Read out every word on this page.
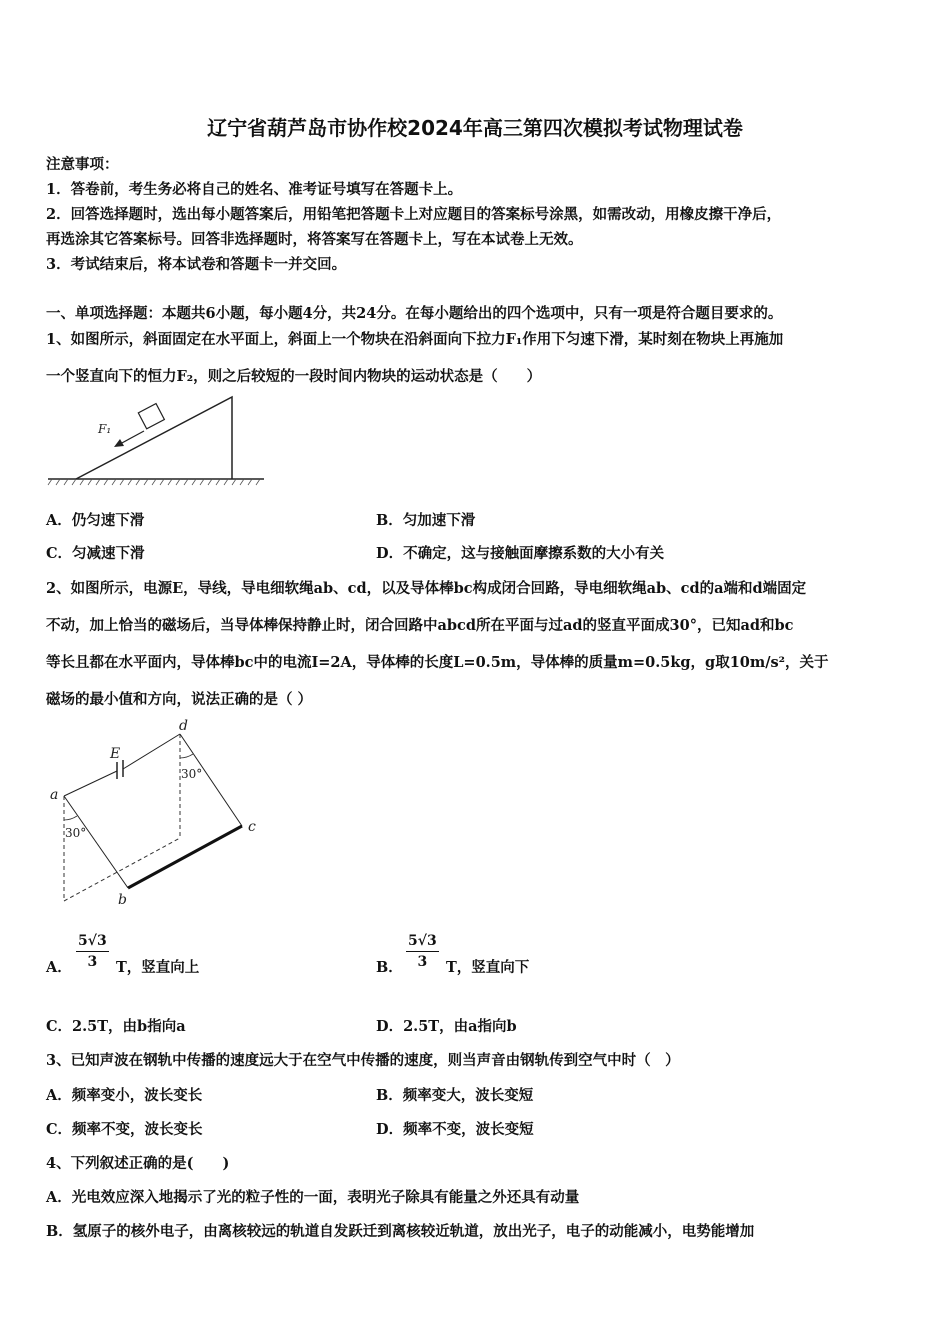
辽宁省葫芦岛市协作校2024年高三第四次模拟考试物理试卷
注意事项：
1．答卷前，考生务必将自己的姓名、准考证号填写在答题卡上。
2．回答选择题时，选出每小题答案后，用铅笔把答题卡上对应题目的答案标号涂黑，如需改动，用橡皮擦干净后，
再选涂其它答案标号。回答非选择题时，将答案写在答题卡上，写在本试卷上无效。
3．考试结束后，将本试卷和答题卡一并交回。
一、单项选择题：本题共6小题，每小题4分，共24分。在每小题给出的四个选项中，只有一项是符合题目要求的。
1、如图所示，斜面固定在水平面上，斜面上一个物块在沿斜面向下拉力F₁作用下匀速下滑，某时刻在物块上再施加
一个竖直向下的恒力F₂，则之后较短的一段时间内物块的运动状态是（　　）
F₁
A．仍匀速下滑	B．匀加速下滑
C．匀减速下滑	D．不确定，这与接触面摩擦系数的大小有关
2、如图所示，电源E，导线，导电细软绳ab、cd，以及导体棒bc构成闭合回路，导电细软绳ab、cd的a端和d端固定
不动，加上恰当的磁场后，当导体棒保持静止时，闭合回路中abcd所在平面与过ad的竖直平面成30°，已知ad和bc
等长且都在水平面内，导体棒bc中的电流I=2A，导体棒的长度L=0.5m，导体棒的质量m=0.5kg，g取10m/s²，关于
磁场的最小值和方向，说法正确的是（ ）
E
a
b
c
d
30°
30°
A．
5√3
3	T，竖直向上	B．
5√3
3	T，竖直向下
C．2.5T，由b指向a	D．2.5T，由a指向b
3、已知声波在钢轨中传播的速度远大于在空气中传播的速度，则当声音由钢轨传到空气中时（　）
A．频率变小，波长变长	B．频率变大，波长变短
C．频率不变，波长变长	D．频率不变，波长变短
4、下列叙述正确的是(　　)
A．光电效应深入地揭示了光的粒子性的一面，表明光子除具有能量之外还具有动量
B．氢原子的核外电子，由离核较远的轨道自发跃迁到离核较近轨道，放出光子，电子的动能减小，电势能增加
